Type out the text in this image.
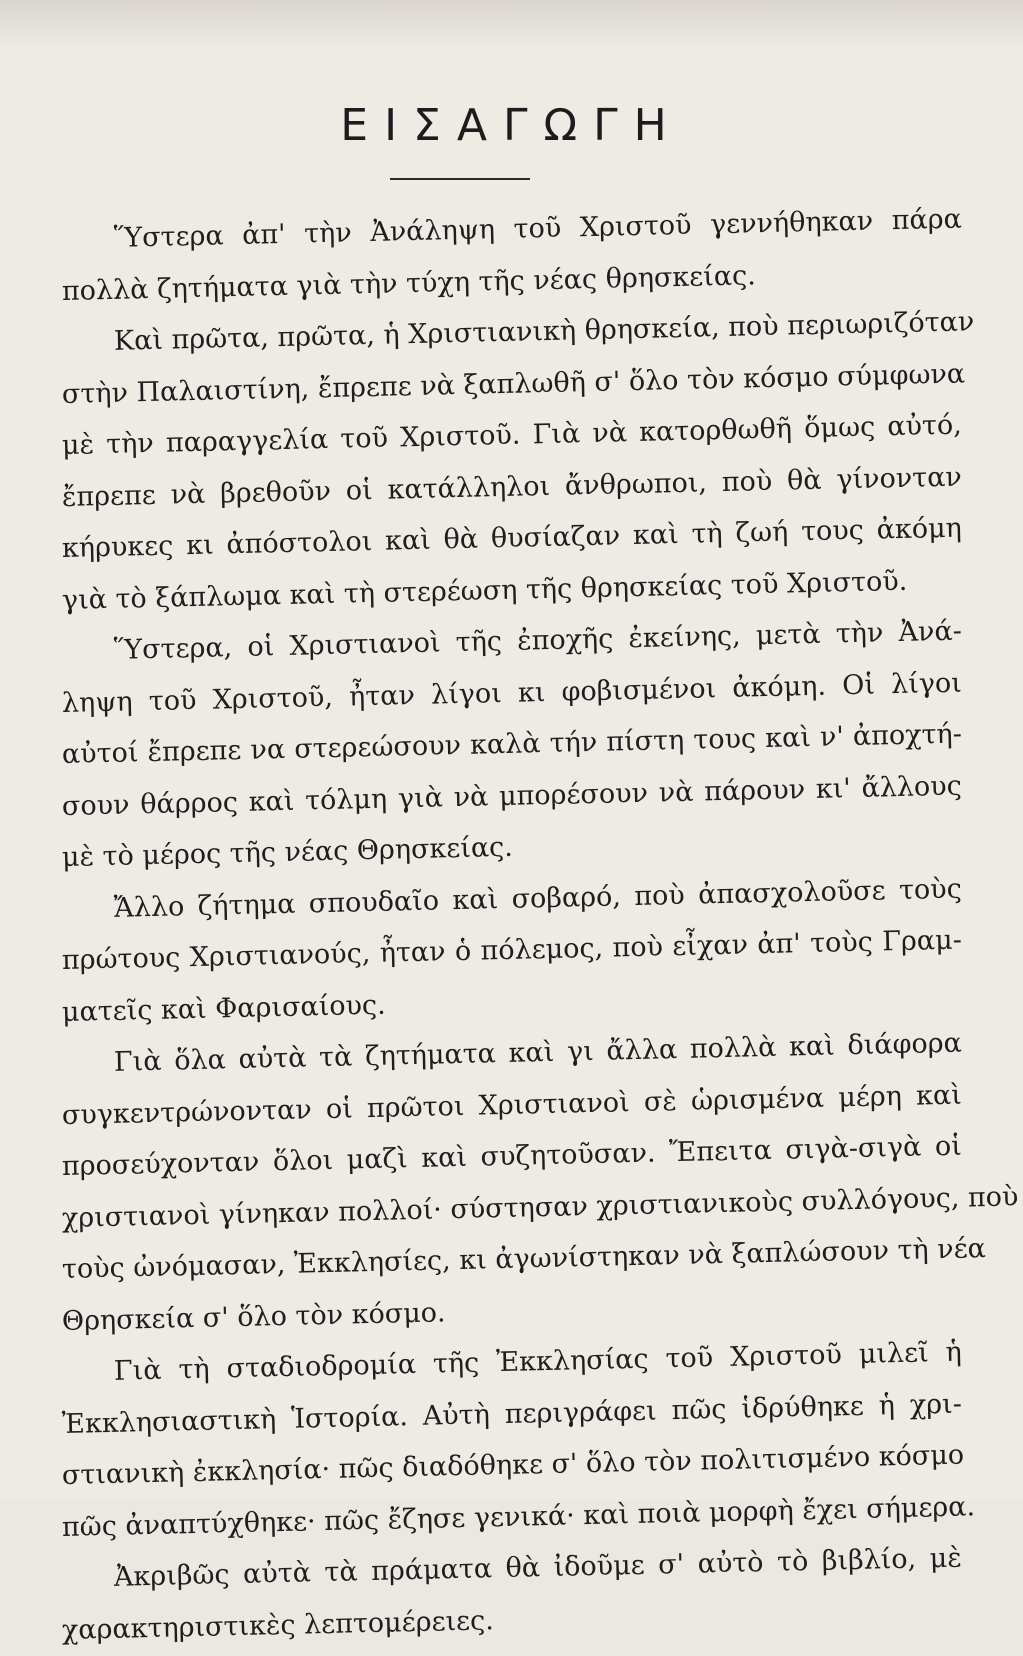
ΕΙΣΑΓΩΓΗ
Ὕστερα ἀπ' τὴν Ἀνάληψη τοῦ Χριστοῦ γεννήθηκαν πάρα
πολλὰ ζητήματα γιὰ τὴν τύχη τῆς νέας θρησκείας.
Καὶ πρῶτα, πρῶτα, ἡ Χριστιανικὴ θρησκεία, ποὺ περιωριζόταν
στὴν Παλαιστίνη, ἔπρεπε νὰ ξαπλωθῆ σ' ὅλο τὸν κόσμο σύμφωνα
μὲ τὴν παραγγελία τοῦ Χριστοῦ. Γιὰ νὰ κατορθωθῆ ὅμως αὐτό,
ἔπρεπε νὰ βρεθοῦν οἱ κατάλληλοι ἄνθρωποι, ποὺ θὰ γίνονταν
κήρυκες κι ἀπόστολοι καὶ θὰ θυσίαζαν καὶ τὴ ζωή τους ἀκόμη
γιὰ τὸ ξάπλωμα καὶ τὴ στερέωση τῆς θρησκείας τοῦ Χριστοῦ.
Ὕστερα, οἱ Χριστιανοὶ τῆς ἐποχῆς ἐκείνης, μετὰ τὴν Ἀνά-
ληψη τοῦ Χριστοῦ, ἦταν λίγοι κι φοβισμένοι ἀκόμη. Οἱ λίγοι
αὐτοί ἔπρεπε να στερεώσουν καλὰ τήν πίστη τους καὶ ν' ἀποχτή-
σουν θάρρος καὶ τόλμη γιὰ νὰ μπορέσουν νὰ πάρουν κι' ἄλλους
μὲ τὸ μέρος τῆς νέας Θρησκείας.
Ἄλλο ζήτημα σπουδαῖο καὶ σοβαρό, ποὺ ἀπασχολοῦσε τοὺς
πρώτους Χριστιανούς, ἦταν ὁ πόλεμος, ποὺ εἶχαν ἀπ' τοὺς Γραμ-
ματεῖς καὶ Φαρισαίους.
Γιὰ ὅλα αὐτὰ τὰ ζητήματα καὶ γι ἄλλα πολλὰ καὶ διάφορα
συγκεντρώνονταν οἱ πρῶτοι Χριστιανοὶ σὲ ὡρισμένα μέρη καὶ
προσεύχονταν ὅλοι μαζὶ καὶ συζητοῦσαν. Ἔπειτα σιγὰ-σιγὰ οἱ
χριστιανοὶ γίνηκαν πολλοί· σύστησαν χριστιανικοὺς συλλόγους, ποὺ
τοὺς ὠνόμασαν, Ἐκκλησίες, κι ἀγωνίστηκαν νὰ ξαπλώσουν τὴ νέα
Θρησκεία σ' ὅλο τὸν κόσμο.
Γιὰ τὴ σταδιοδρομία τῆς Ἐκκλησίας τοῦ Χριστοῦ μιλεῖ ἡ
Ἐκκλησιαστικὴ Ἱστορία. Αὐτὴ περιγράφει πῶς ἱδρύθηκε ἡ χρι-
στιανικὴ ἐκκλησία· πῶς διαδόθηκε σ' ὅλο τὸν πολιτισμένο κόσμο
πῶς ἀναπτύχθηκε· πῶς ἔζησε γενικά· καὶ ποιὰ μορφὴ ἔχει σήμερα.
Ἀκριβῶς αὐτὰ τὰ πράματα θὰ ἰδοῦμε σ' αὐτὸ τὸ βιβλίο, μὲ
χαρακτηριστικὲς λεπτομέρειες.
